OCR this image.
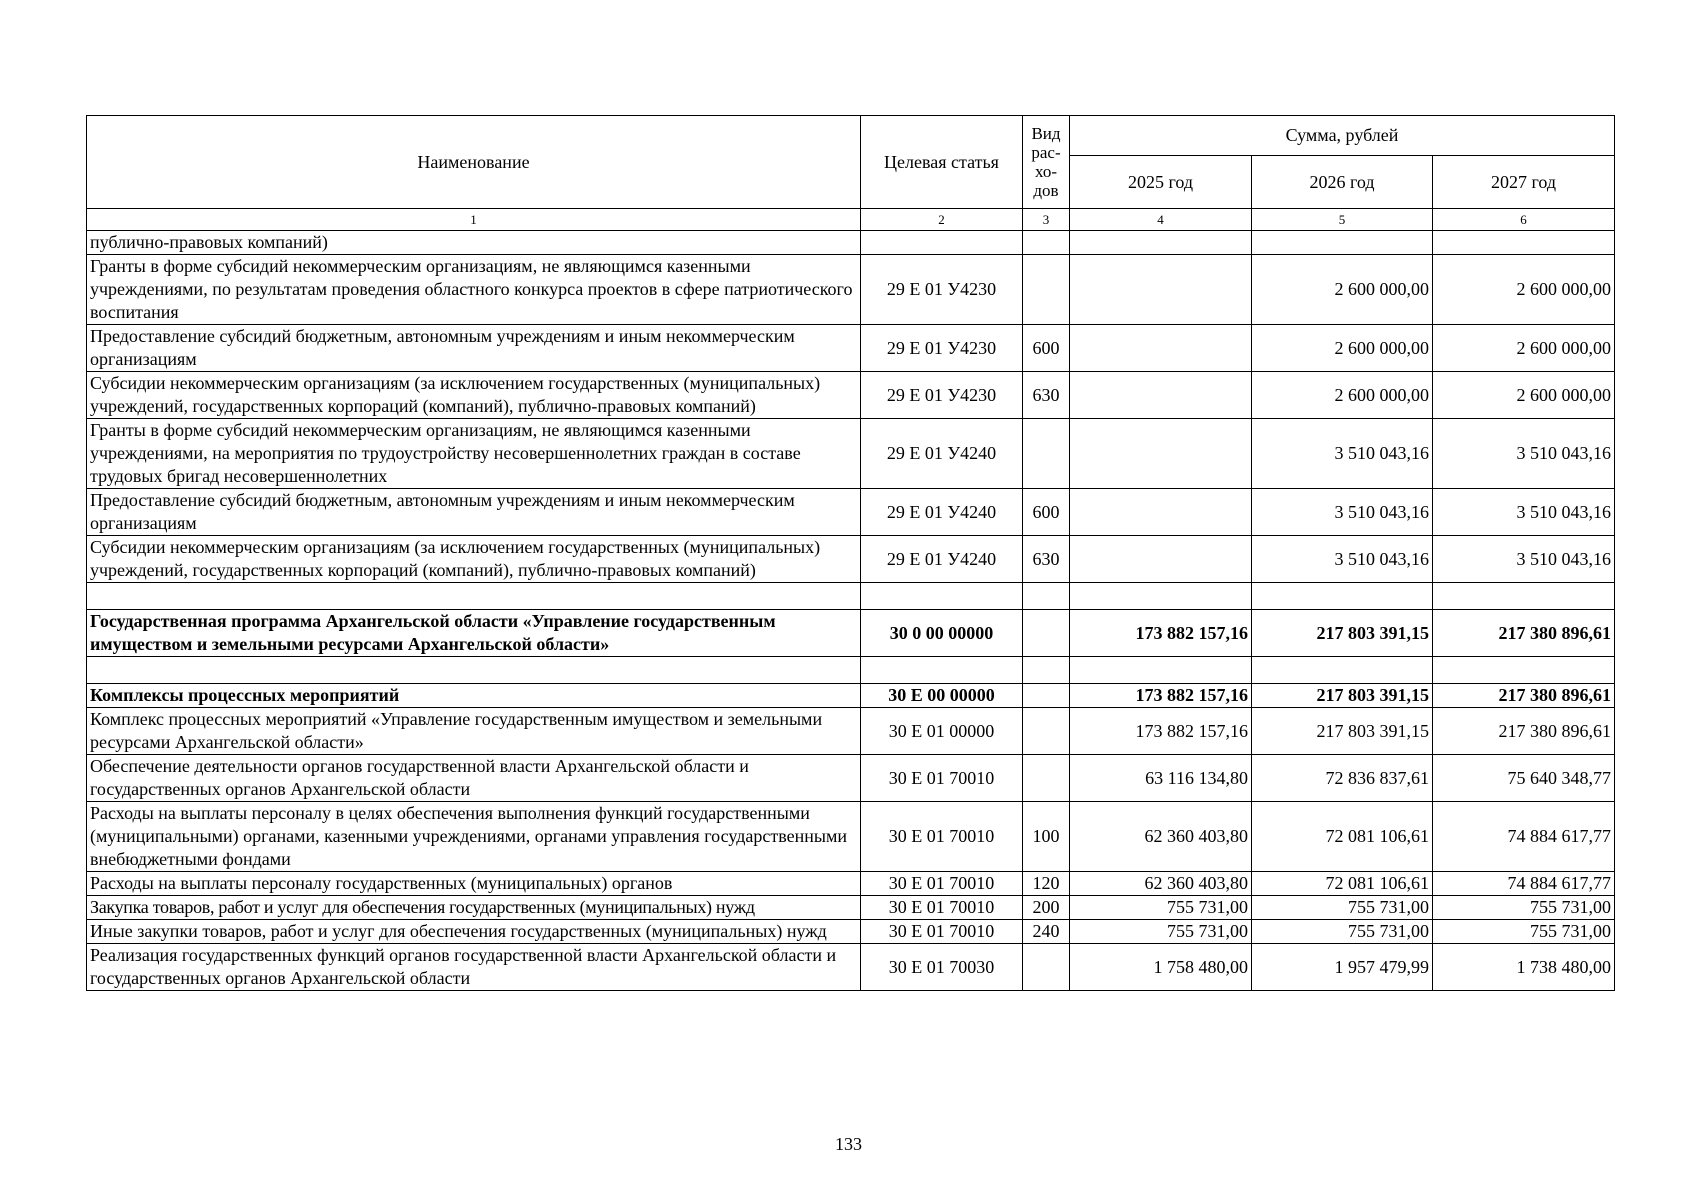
Наименование	Целевая статья	Вид рас- хо- дов	Сумма, рублей		
			2025 год	2026 год	2027 год
1	2	3	4	5	6
публично-правовых компаний)					
Гранты в форме субсидий некоммерческим организациям, не являющимся казенными учреждениями, по результатам проведения областного конкурса проектов в сфере патриотического воспитания	29 Е 01 У4230			2 600 000,00	2 600 000,00
Предоставление субсидий бюджетным, автономным учреждениям и иным некоммерческим организациям	29 Е 01 У4230	600		2 600 000,00	2 600 000,00
Субсидии некоммерческим организациям (за исключением государственных (муниципальных) учреждений, государственных корпораций (компаний), публично-правовых компаний)	29 Е 01 У4230	630		2 600 000,00	2 600 000,00
Гранты в форме субсидий некоммерческим организациям, не являющимся казенными учреждениями, на мероприятия по трудоустройству несовершеннолетних граждан в составе трудовых бригад несовершеннолетних	29 Е 01 У4240			3 510 043,16	3 510 043,16
Предоставление субсидий бюджетным, автономным учреждениям и иным некоммерческим организациям	29 Е 01 У4240	600		3 510 043,16	3 510 043,16
Субсидии некоммерческим организациям (за исключением государственных (муниципальных) учреждений, государственных корпораций (компаний), публично-правовых компаний)	29 Е 01 У4240	630		3 510 043,16	3 510 043,16

Государственная программа Архангельской области «Управление государственным имуществом и земельными ресурсами Архангельской области»	30 0 00 00000		173 882 157,16	217 803 391,15	217 380 896,61

Комплексы процессных мероприятий	30 Е 00 00000		173 882 157,16	217 803 391,15	217 380 896,61
Комплекс процессных мероприятий «Управление государственным имуществом и земельными ресурсами Архангельской области»	30 Е 01 00000		173 882 157,16	217 803 391,15	217 380 896,61
Обеспечение деятельности органов государственной власти Архангельской области и государственных органов Архангельской области	30 Е 01 70010		63 116 134,80	72 836 837,61	75 640 348,77
Расходы на выплаты персоналу в целях обеспечения выполнения функций государственными (муниципальными) органами, казенными учреждениями, органами управления государственными внебюджетными фондами	30 Е 01 70010	100	62 360 403,80	72 081 106,61	74 884 617,77
Расходы на выплаты персоналу государственных (муниципальных) органов	30 Е 01 70010	120	62 360 403,80	72 081 106,61	74 884 617,77
Закупка товаров, работ и услуг для обеспечения государственных (муниципальных) нужд	30 Е 01 70010	200	755 731,00	755 731,00	755 731,00
Иные закупки товаров, работ и услуг для обеспечения государственных (муниципальных) нужд	30 Е 01 70010	240	755 731,00	755 731,00	755 731,00
Реализация государственных функций органов государственной власти Архангельской области и государственных органов Архангельской области	30 Е 01 70030		1 758 480,00	1 957 479,99	1 738 480,00
133
